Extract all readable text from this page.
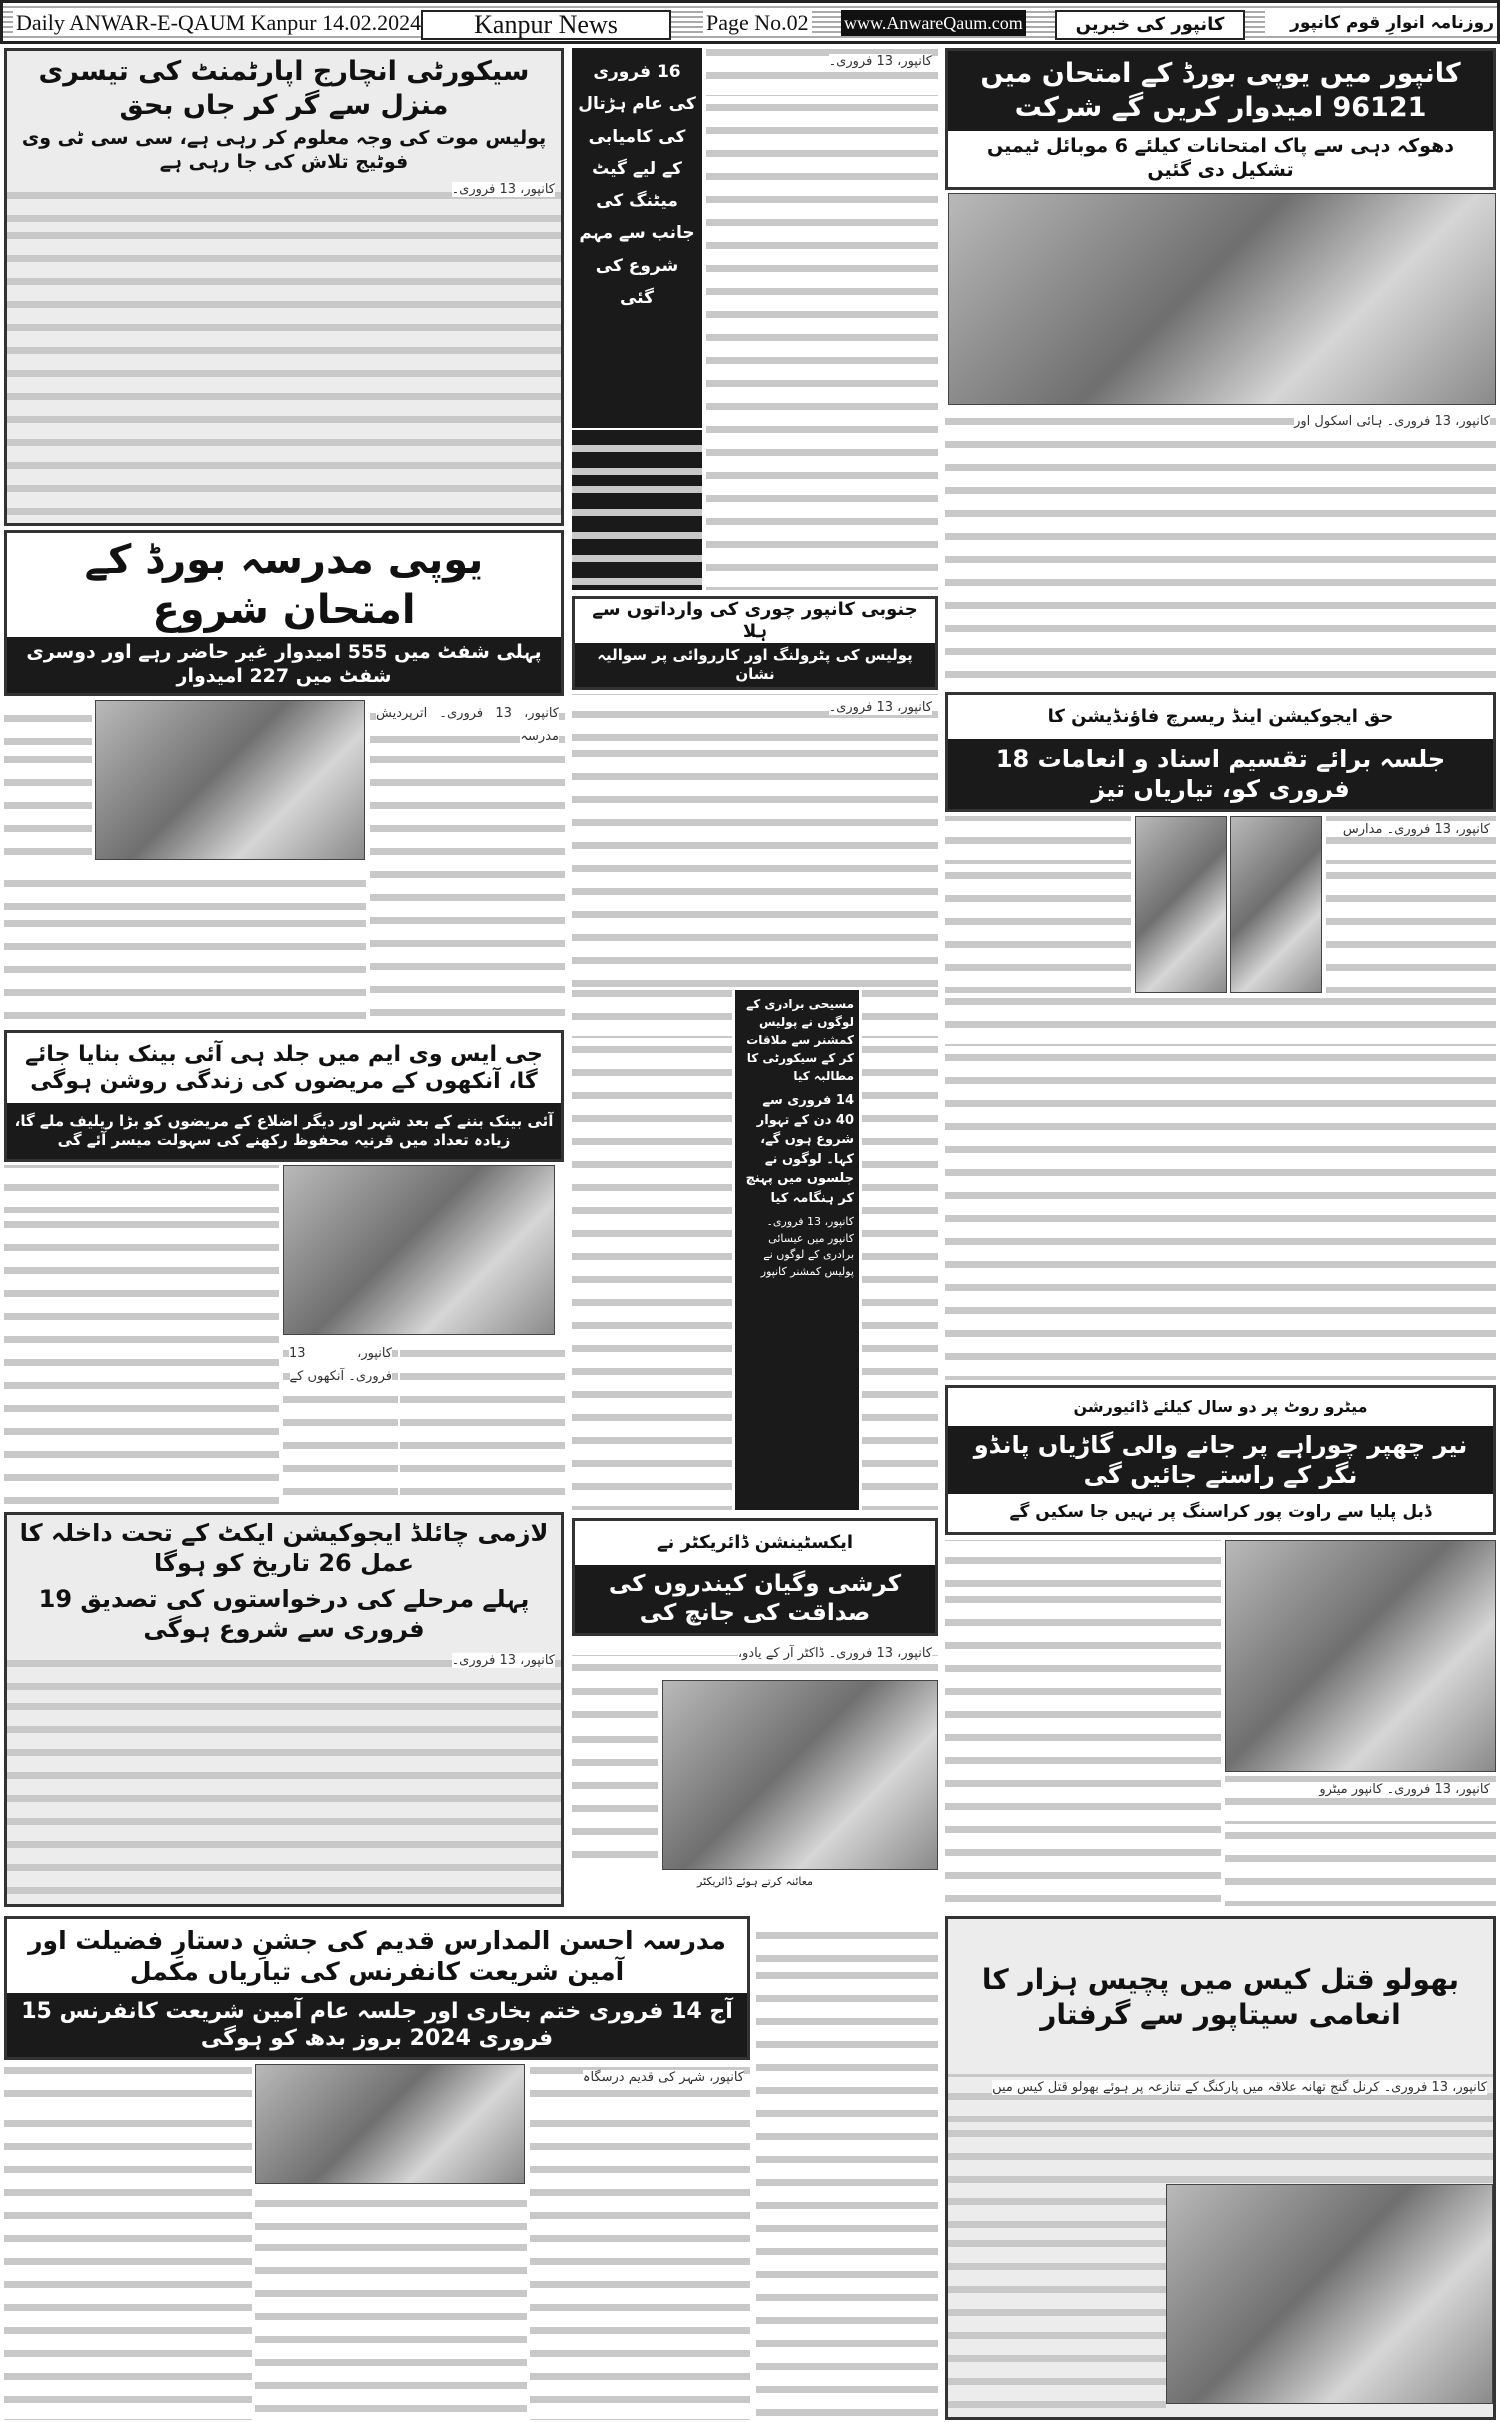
Daily ANWAR-E-QAUM Kanpur 14.02.2024	Kanpur News	Page No.02 www.AnwareQaum.com	کانپور کی خبریں	روزنامہ انوارِ قوم کانپور
سیکورٹی انچارج اپارٹمنٹ کی تیسری منزل سے گر کر جاں بحق
پولیس موت کی وجہ معلوم کر رہی ہے، سی سی ٹی وی فوٹیج تلاش کی جا رہی ہے

کانپور، 13 فروری۔

یوپی مدرسہ بورڈ کے امتحان شروع
پہلی شفٹ میں 555 امیدوار غیر حاضر رہے اور دوسری شفٹ میں 227 امیدوار

کانپور، 13 فروری۔ اترپردیش مدرسہ

جی ایس وی ایم میں جلد ہی آئی بینک بنایا جائے گا، آنکھوں کے مریضوں کی زندگی روشن ہوگی
آئی بینک بننے کے بعد شہر اور دیگر اضلاع کے مریضوں کو بڑا ریلیف ملے گا، زیادہ تعداد میں قرنیہ محفوظ رکھنے کی سہولت میسر آئے گی

کانپور، 13 فروری۔ آنکھوں کے

لازمی چائلڈ ایجوکیشن ایکٹ کے تحت داخلہ کا عمل 26 تاریخ کو ہوگا
پہلے مرحلے کی درخواستوں کی تصدیق 19 فروری سے شروع ہوگی

کانپور، 13 فروری۔

مدرسہ احسن المدارس قدیم کی جشنِ دستارِ فضیلت اور آمین شریعت کانفرنس کی تیاریاں مکمل
آج 14 فروری ختم بخاری اور جلسہ عام آمین شریعت کانفرنس 15 فروری 2024 بروز بدھ کو ہوگی

کانپور، شہر کی قدیم درسگاہ

16 فروری کی عام ہڑتال کی کامیابی کے لیے گیٹ میٹنگ کی جانب سے مہم شروع کی گئی

کانپور، 13 فروری۔

جنوبی کانپور چوری کی وارداتوں سے ہلا
پولیس کی پٹرولنگ اور کارروائی پر سوالیہ نشان

کانپور، 13 فروری۔

مسیحی برادری کے لوگوں نے پولیس کمشنر سے ملاقات کر کے سیکورٹی کا مطالبہ کیا
14 فروری سے 40 دن کے تہوار شروع ہوں گے، کہا۔ لوگوں نے جلسوں میں پہنچ کر ہنگامہ کیا
کانپور، 13 فروری۔ کانپور میں عیسائی برادری کے لوگوں نے پولیس کمشنر کانپور
ایکسٹینشن ڈائریکٹر نے
کرشی وگیان کیندروں کی صداقت کی جانچ کی

کانپور، 13 فروری۔ ڈاکٹر آر کے یادو،

معائنہ کرتے ہوئے ڈائریکٹر
کانپور میں یوپی بورڈ کے امتحان میں 96121 امیدوار کریں گے شرکت
دھوکہ دہی سے پاک امتحانات کیلئے 6 موبائل ٹیمیں تشکیل دی گئیں

کانپور، 13 فروری۔ ہائی اسکول اور

حق ایجوکیشن اینڈ ریسرچ فاؤنڈیشن کا
جلسہ برائے تقسیم اسناد و انعامات 18 فروری کو، تیاریاں تیز

کانپور، 13 فروری۔ مدارس

میٹرو روٹ پر دو سال کیلئے ڈائیورشن
نیر چھپر چوراہے پر جانے والی گاڑیاں پانڈو نگر کے راستے جائیں گی
ڈبل پلیا سے راوت پور کراسنگ پر نہیں جا سکیں گے

کانپور، 13 فروری۔ کانپور میٹرو

بھولو قتل کیس میں پچیس ہزار کا انعامی سیتاپور سے گرفتار

کانپور، 13 فروری۔ کرنل گنج تھانہ علاقہ میں پارکنگ کے تنازعہ پر ہوئے بھولو قتل کیس میں
